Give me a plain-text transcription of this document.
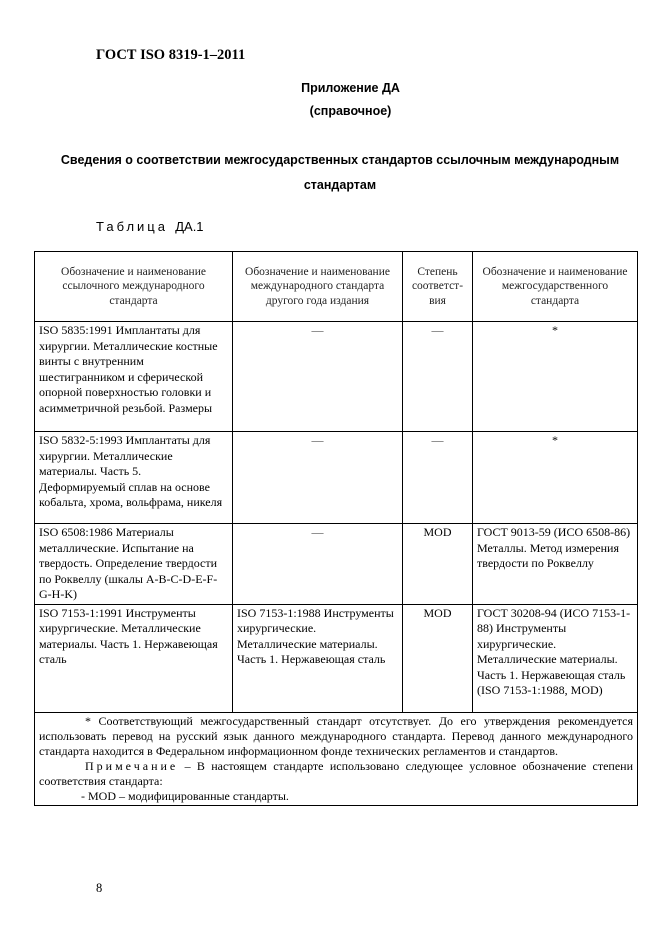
ГОСТ ISO 8319-1–2011
Приложение ДА
(справочное)
Сведения о соответствии межгосударственных стандартов ссылочным международным стандартам
Таблица ДА.1
Обозначение и наименование ссылочного международного стандарта	Обозначение и наименование международного стандарта другого года издания	Степень соответст-вия	Обозначение и наименование межгосударственного стандарта
ISO 5835:1991 Имплантаты для хирургии. Металлические костные винты с внутренним шестигранником и сферической опорной поверхностью головки и асимметричной резьбой. Размеры	—	—	*
ISO 5832-5:1993 Имплантаты для хирургии. Металлические материалы. Часть 5. Деформируемый сплав на основе кобальта, хрома, вольфрама, никеля	—	—	*
ISO 6508:1986 Материалы металлические. Испытание на твердость. Определение твердости по Роквеллу (шкалы A-B-C-D-E-F-G-H-K)	—	MOD	ГОСТ 9013-59 (ИСО 6508-86) Металлы. Метод измерения твердости по Роквеллу
ISO 7153-1:1991 Инструменты хирургические. Металлические материалы. Часть 1. Нержавеющая сталь	ISO 7153-1:1988 Инструменты хирургические. Металлические материалы. Часть 1. Нержавеющая сталь	MOD	ГОСТ 30208-94 (ИСО 7153-1-88) Инструменты хирургические. Металлические материалы. Часть 1. Нержавеющая сталь (ISO 7153-1:1988, MOD)

* Соответствующий межгосударственный стандарт отсутствует. До его утверждения рекомендуется использовать перевод на русский язык данного международного стандарта. Перевод данного международного стандарта находится в Федеральном информационном фонде технических регламентов и стандартов.

Примечание – В настоящем стандарте использовано следующее условное обозначение степени соответствия стандарта:

- MOD – модифицированные стандарты.			

8
